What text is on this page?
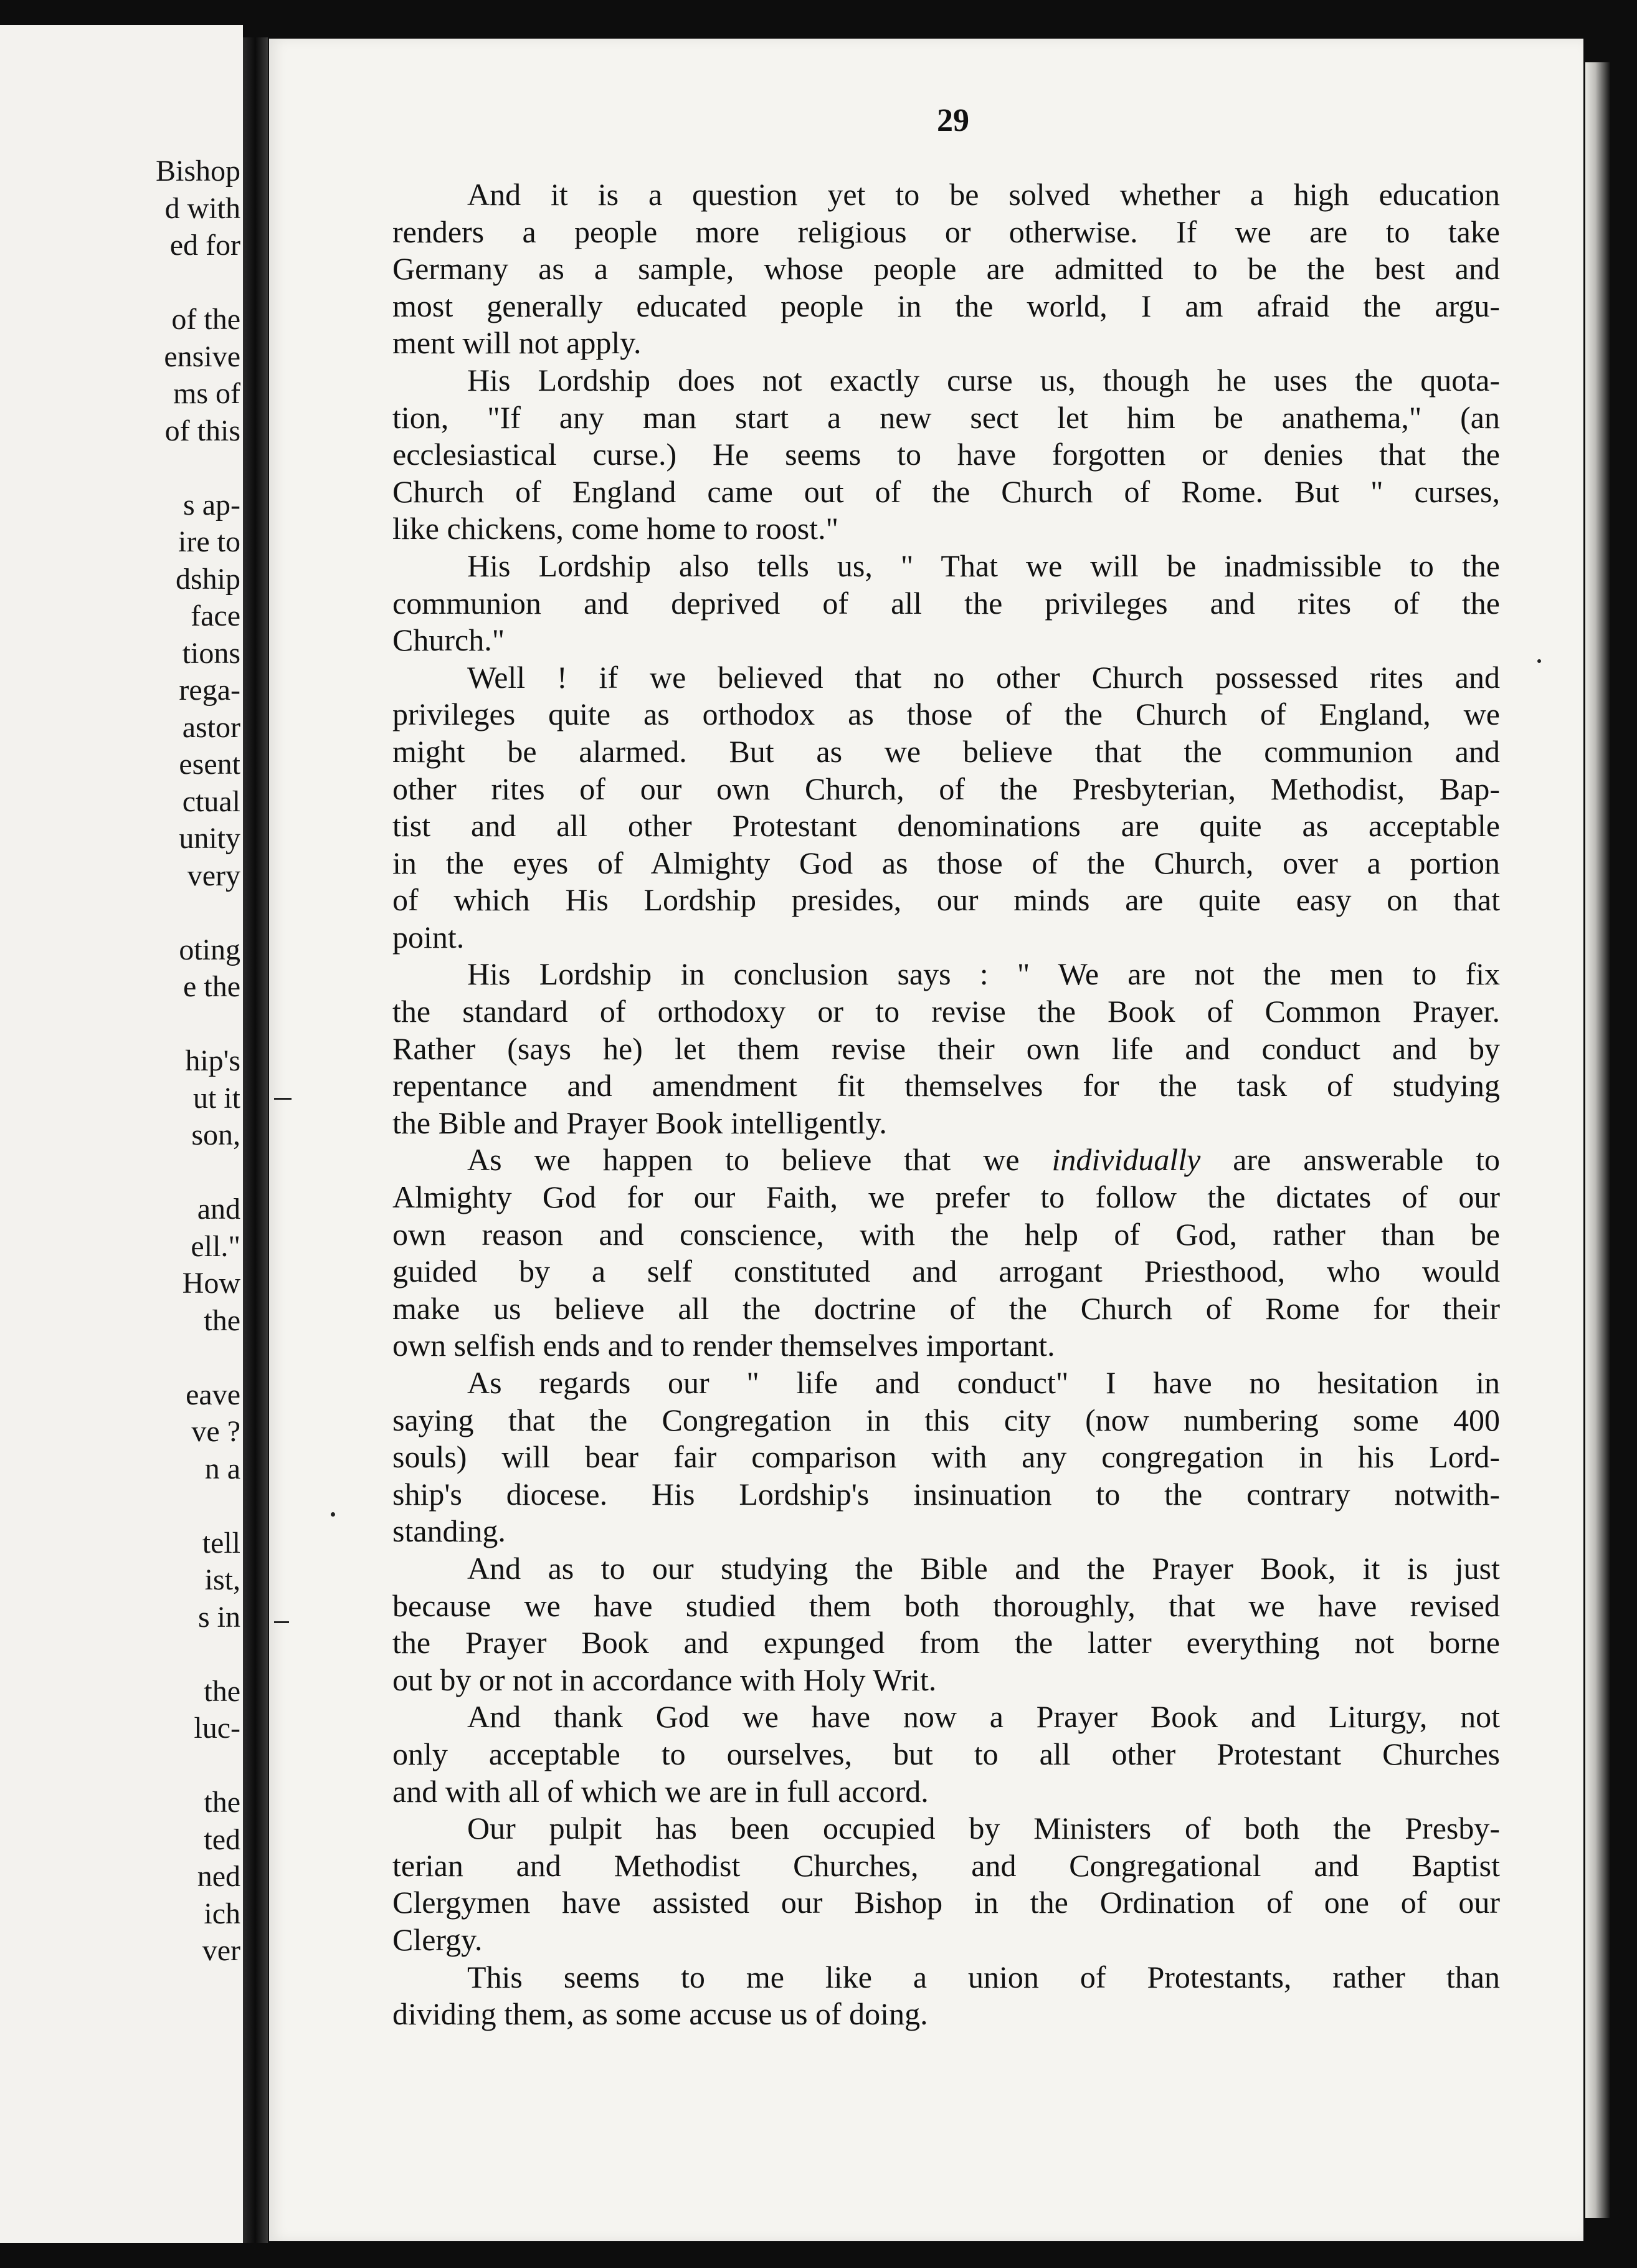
Bishop
d with
ed for
of the
ensive
ms of
of this
s ap-
ire to
dship
face
tions
rega-
astor
esent
ctual
unity
very
oting
e the
hip's
ut it
son,
and
ell."
How
the
eave
ve ?
n a
tell
ist,
s in
the
luc-
the
ted
ned
ich
ver
29
And it is a question yet to be solved whether a high education
renders a people more religious or otherwise. If we are to take
Germany as a sample, whose people are admitted to be the best and
most generally educated people in the world, I am afraid the argu-
ment will not apply.
His Lordship does not exactly curse us, though he uses the quota-
tion, "If any man start a new sect let him be anathema," (an
ecclesiastical curse.) He seems to have forgotten or denies that the
Church of England came out of the Church of Rome. But " curses,
like chickens, come home to roost."
His Lordship also tells us, " That we will be inadmissible to the
communion and deprived of all the privileges and rites of the
Church."
Well ! if we believed that no other Church possessed rites and
privileges quite as orthodox as those of the Church of England, we
might be alarmed. But as we believe that the communion and
other rites of our own Church, of the Presbyterian, Methodist, Bap-
tist and all other Protestant denominations are quite as acceptable
in the eyes of Almighty God as those of the Church, over a portion
of which His Lordship presides, our minds are quite easy on that
point.
His Lordship in conclusion says : " We are not the men to fix
the standard of orthodoxy or to revise the Book of Common Prayer.
Rather (says he) let them revise their own life and conduct and by
repentance and amendment fit themselves for the task of studying
the Bible and Prayer Book intelligently.
As we happen to believe that we individually are answerable to
Almighty God for our Faith, we prefer to follow the dictates of our
own reason and conscience, with the help of God, rather than be
guided by a self constituted and arrogant Priesthood, who would
make us believe all the doctrine of the Church of Rome for their
own selfish ends and to render themselves important.
As regards our " life and conduct" I have no hesitation in
saying that the Congregation in this city (now numbering some 400
souls) will bear fair comparison with any congregation in his Lord-
ship's diocese. His Lordship's insinuation to the contrary notwith-
standing.
And as to our studying the Bible and the Prayer Book, it is just
because we have studied them both thoroughly, that we have revised
the Prayer Book and expunged from the latter everything not borne
out by or not in accordance with Holy Writ.
And thank God we have now a Prayer Book and Liturgy, not
only acceptable to ourselves, but to all other Protestant Churches
and with all of which we are in full accord.
Our pulpit has been occupied by Ministers of both the Presby-
terian and Methodist Churches, and Congregational and Baptist
Clergymen have assisted our Bishop in the Ordination of one of our
Clergy.
This seems to me like a union of Protestants, rather than
dividing them, as some accuse us of doing.
